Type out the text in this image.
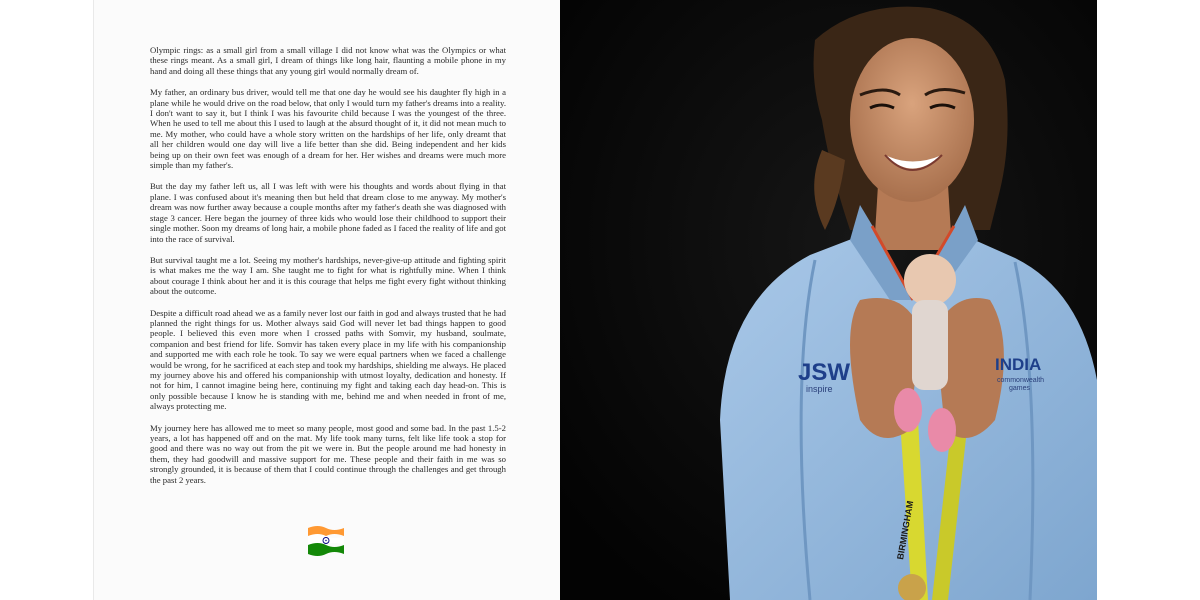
Olympic rings: as a small girl from a small village I did not know what was the Olympics or what these rings meant. As a small girl, I dream of things like long hair, flaunting a mobile phone in my hand and doing all these things that any young girl would normally dream of.

My father, an ordinary bus driver, would tell me that one day he would see his daughter fly high in a plane while he would drive on the road below, that only I would turn my father's dreams into a reality. I don't want to say it, but I think I was his favourite child because I was the youngest of the three. When he used to tell me about this I used to laugh at the absurd thought of it, it did not mean much to me. My mother, who could have a whole story written on the hardships of her life, only dreamt that all her children would one day will live a life better than she did. Being independent and her kids being up on their own feet was enough of a dream for her. Her wishes and dreams were much more simple than my father's.

But the day my father left us, all I was left with were his thoughts and words about flying in that plane. I was confused about it's meaning then but held that dream close to me anyway. My mother's dream was now further away because a couple months after my father's death she was diagnosed with stage 3 cancer. Here began the journey of three kids who would lose their childhood to support their single mother. Soon my dreams of long hair, a mobile phone faded as I faced the reality of life and got into the race of survival.

But survival taught me a lot. Seeing my mother's hardships, never-give-up attitude and fighting spirit is what makes me the way I am. She taught me to fight for what is rightfully mine. When I think about courage I think about her and it is this courage that helps me fight every fight without thinking about the outcome.

Despite a difficult road ahead we as a family never lost our faith in god and always trusted that he had planned the right things for us. Mother always said God will never let bad things happen to good people. I believed this even more when I crossed paths with Somvir, my husband, soulmate, companion and best friend for life. Somvir has taken every place in my life with his companionship and supported me with each role he took. To say we were equal partners when we faced a challenge would be wrong, for he sacrificed at each step and took my hardships, shielding me always. He placed my journey above his and offered his companionship with utmost loyalty, dedication and honesty. If not for him, I cannot imagine being here, continuing my fight and taking each day head-on. This is only possible because I know he is standing with me, behind me and when needed in front of me, always protecting me.

My journey here has allowed me to meet so many people, most good and some bad. In the past 1.5-2 years, a lot has happened off and on the mat. My life took many turns, felt like life took a stop for good and there was no way out from the pit we were in. But the people around me had honesty in them, they had goodwill and massive support for me. These people and their faith in me was so strongly grounded, it is because of them that I could continue through the challenges and get through the past 2 years.

JSW
inspire
INDIA
commonwealth
games
BIRMINGHAM
